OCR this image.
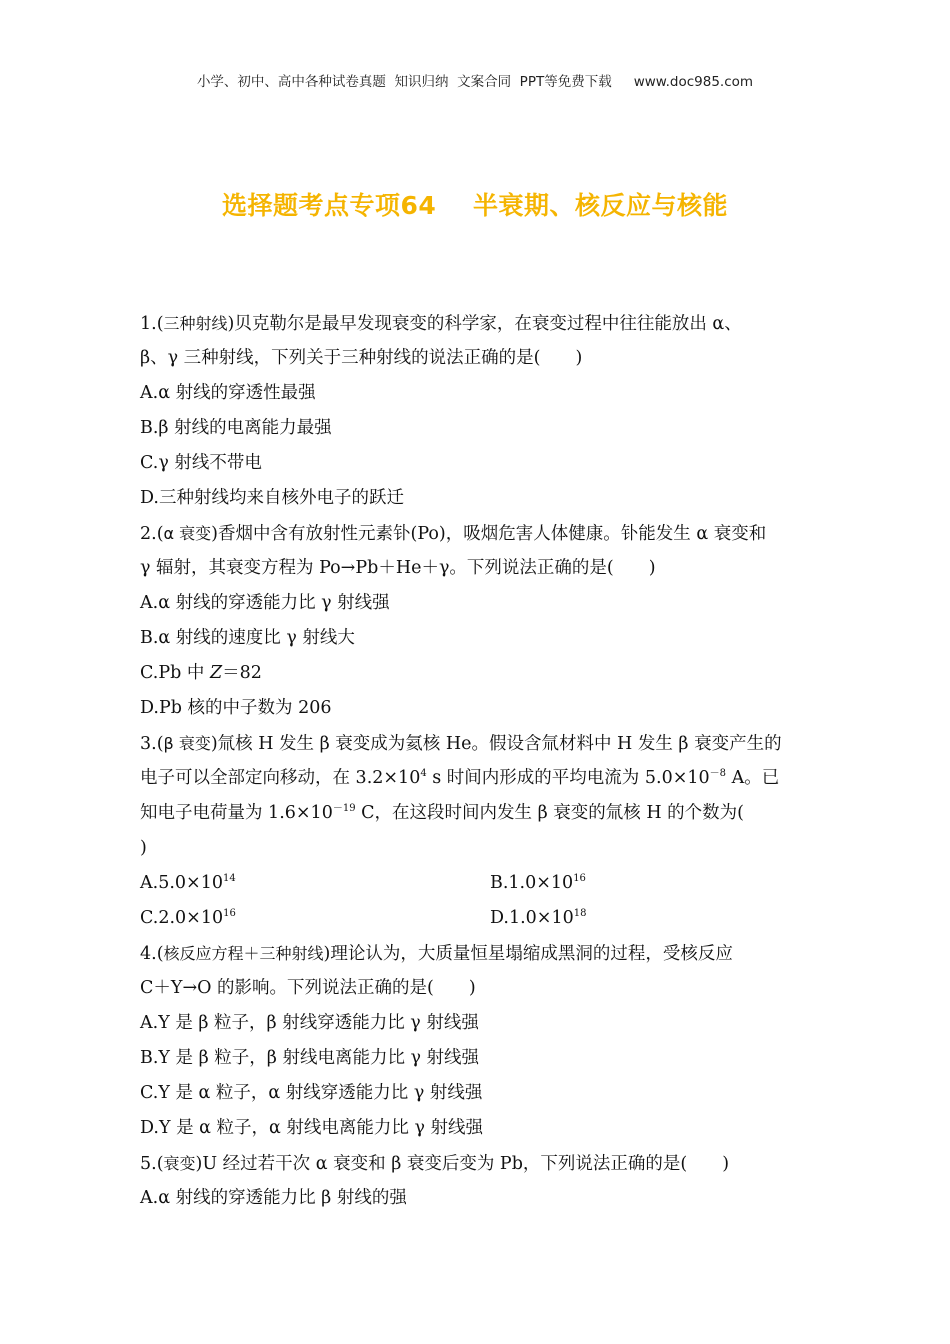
小学、初中、高中各种试卷真题  知识归纳  文案合同  PPT等免费下载 www.doc985.com
选择题考点专项64    半衰期、核反应与核能
1.(三种射线)贝克勒尔是最早发现衰变的科学家，在衰变过程中往往能放出 α、
β、γ 三种射线，下列关于三种射线的说法正确的是(　　)
A.α 射线的穿透性最强
B.β 射线的电离能力最强
C.γ 射线不带电
D.三种射线均来自核外电子的跃迁
2.(α 衰变)香烟中含有放射性元素钋(Po)，吸烟危害人体健康。钋能发生 α 衰变和
γ 辐射，其衰变方程为 Po→Pb＋He＋γ。下列说法正确的是(　　)
A.α 射线的穿透能力比 γ 射线强
B.α 射线的速度比 γ 射线大
C.Pb 中 Z＝82
D.Pb 核的中子数为 206
3.(β 衰变)氚核 H 发生 β 衰变成为氦核 He。假设含氚材料中 H 发生 β 衰变产生的
电子可以全部定向移动，在 $3.2\times 10^4$ s 时间内形成的平均电流为 $5.0\times 10^{-8}$ A。已
知电子电荷量为 $1.6\times 10^{-19}$ C，在这段时间内发生 β 衰变的氚核 H 的个数为(
)
$A.5.0\times 10^{14}$	$B.1.0\times 10^{16}$
$C.2.0\times 10^{16}$	$D.1.0\times 10^{18}$
4.(核反应方程＋三种射线)理论认为，大质量恒星塌缩成黑洞的过程，受核反应
C＋Y→O 的影响。下列说法正确的是(　　)
A.Y 是 β 粒子，β 射线穿透能力比 γ 射线强
B.Y 是 β 粒子，β 射线电离能力比 γ 射线强
C.Y 是 α 粒子，α 射线穿透能力比 γ 射线强
D.Y 是 α 粒子，α 射线电离能力比 γ 射线强
5.(衰变)U 经过若干次 α 衰变和 β 衰变后变为 Pb，下列说法正确的是(　　)
A.α 射线的穿透能力比 β 射线的强
